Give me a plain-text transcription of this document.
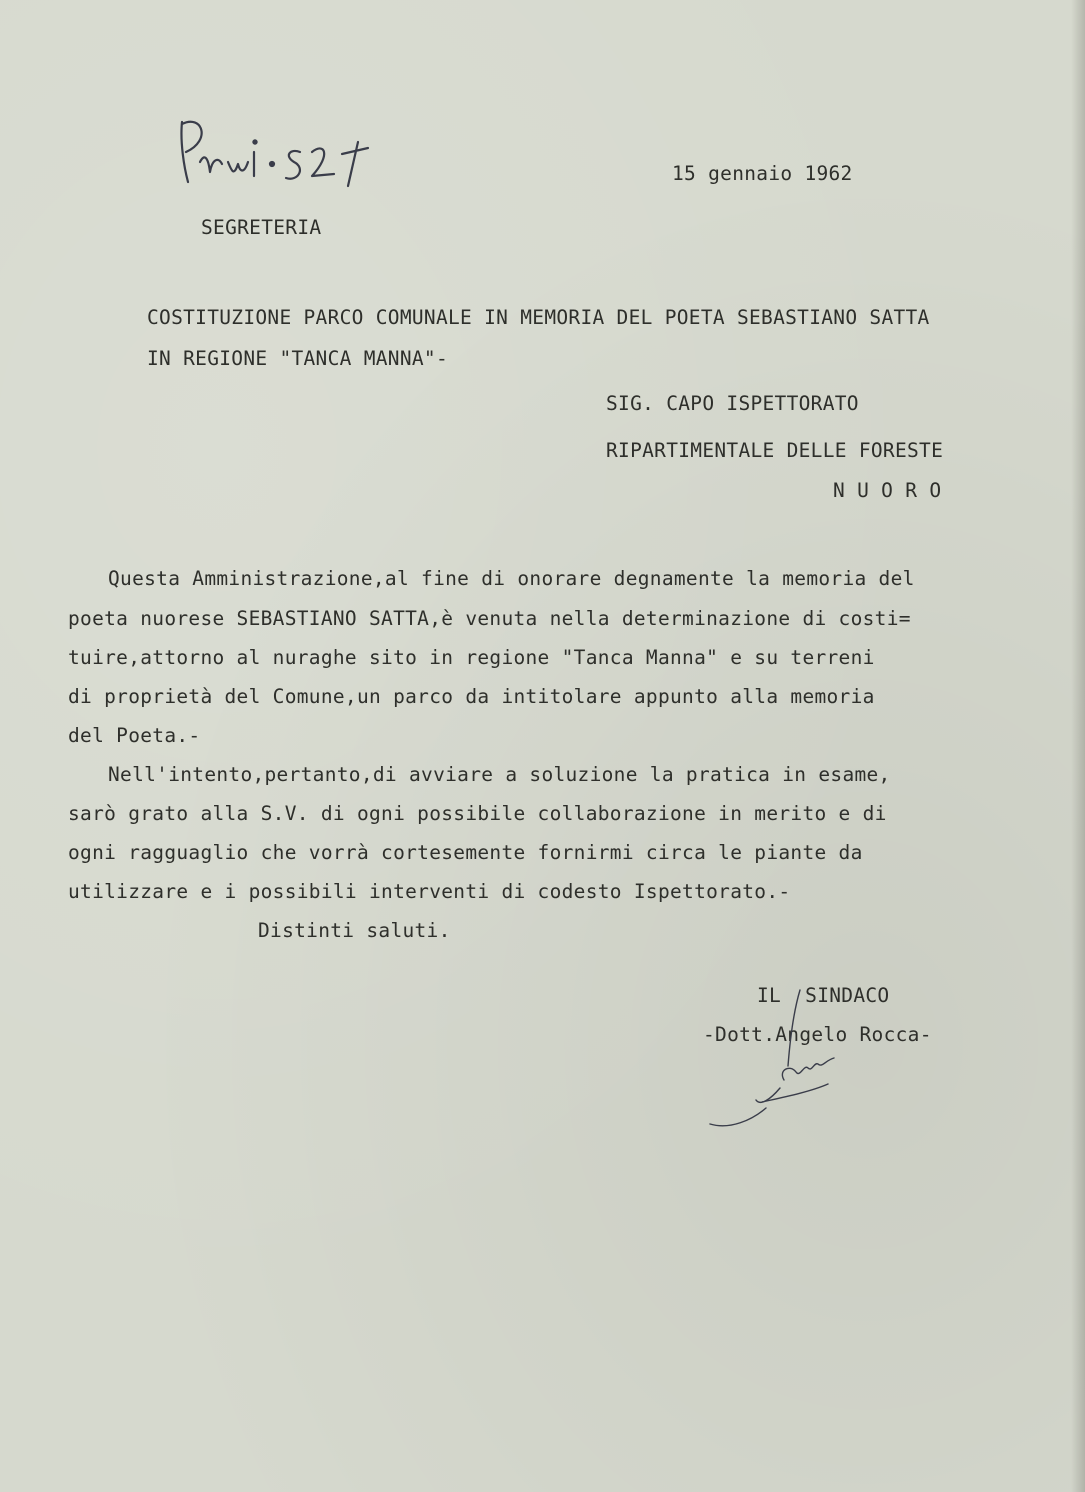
15 gennaio 1962
SEGRETERIA
COSTITUZIONE PARCO COMUNALE IN MEMORIA DEL POETA SEBASTIANO SATTA
IN REGIONE "TANCA MANNA"-
SIG. CAPO ISPETTORATO
RIPARTIMENTALE DELLE FORESTE
N U O R O
Questa Amministrazione,al fine di onorare degnamente la memoria del
poeta nuorese SEBASTIANO SATTA,è venuta nella determinazione di costi=
tuire,attorno al nuraghe sito in regione "Tanca Manna" e su terreni
di proprietà del Comune,un parco da intitolare appunto alla memoria
del Poeta.-
Nell'intento,pertanto,di avviare a soluzione la pratica in esame,
sarò grato alla S.V. di ogni possibile collaborazione in merito e di
ogni ragguaglio che vorrà cortesemente fornirmi circa le piante da
utilizzare e i possibili interventi di codesto Ispettorato.-
Distinti saluti.
IL  SINDACO
-Dott.Angelo Rocca-
